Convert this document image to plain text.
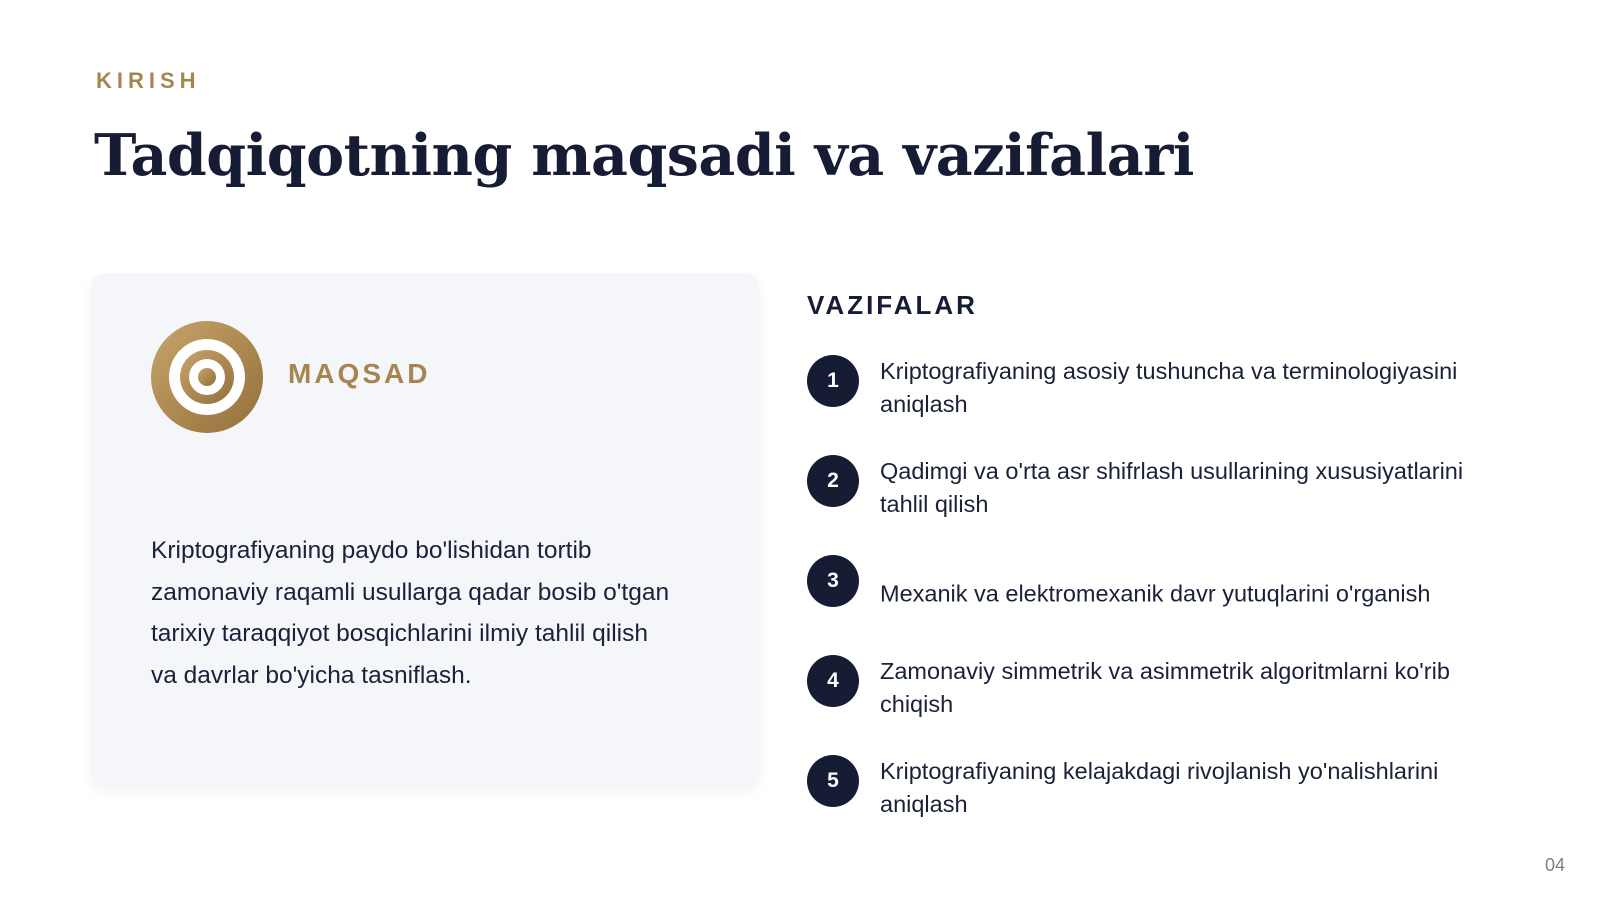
KIRISH
Tadqiqotning maqsadi va vazifalari
MAQSAD

Kriptografiyaning paydo bo'lishidan tortib zamonaviy raqamli usullarga qadar bosib o'tgan tarixiy taraqqiyot bosqichlarini ilmiy tahlil qilish va davrlar bo'yicha tasniflash.

VAZIFALAR
1	Kriptografiyaning asosiy tushuncha va terminologiyasini aniqlash
2	Qadimgi va o'rta asr shifrlash usullarining xususiyatlarini tahlil qilish
3	Mexanik va elektromexanik davr yutuqlarini o'rganish
4	Zamonaviy simmetrik va asimmetrik algoritmlarni ko'rib chiqish
5	Kriptografiyaning kelajakdagi rivojlanish yo'nalishlarini aniqlash
04
